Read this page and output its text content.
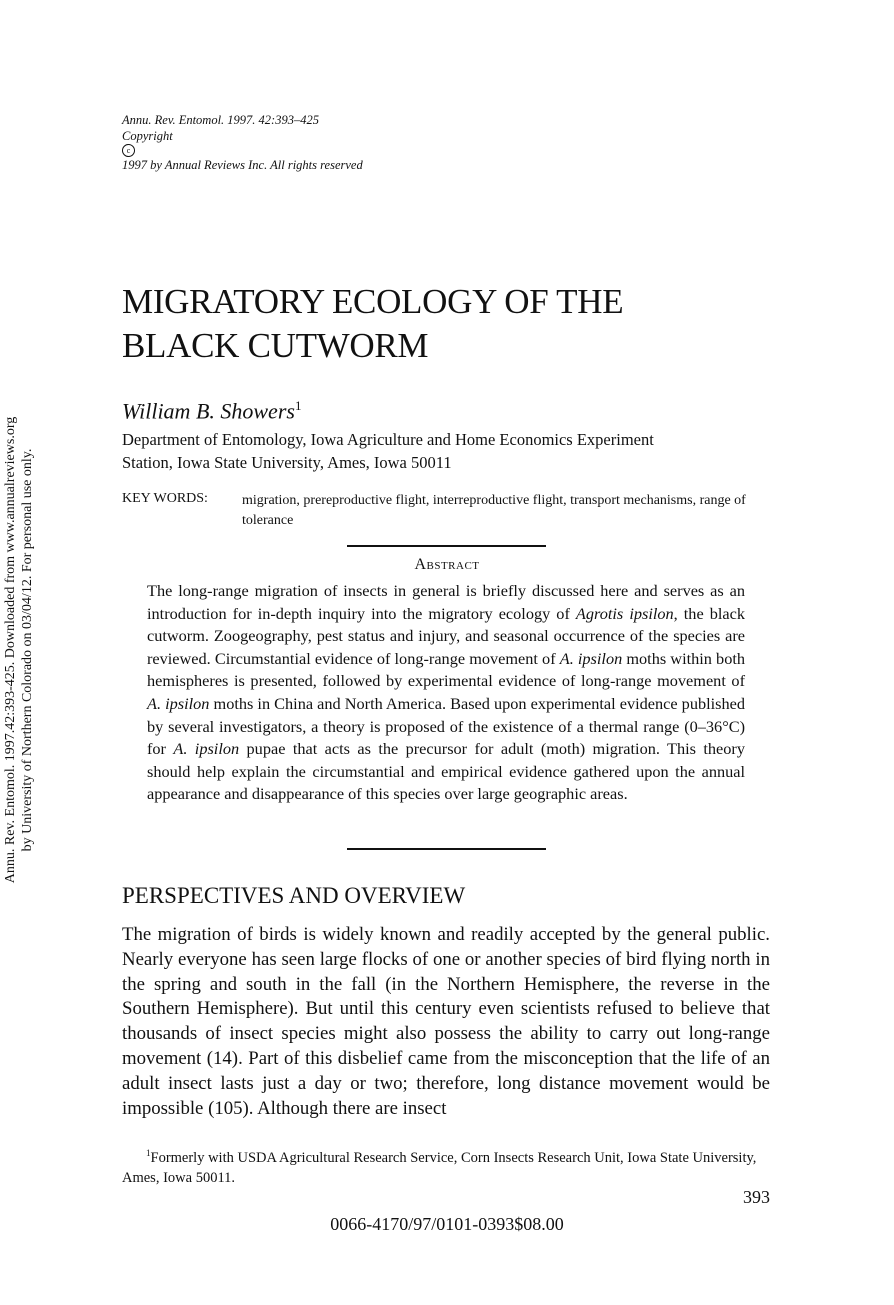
Annu. Rev. Entomol. 1997. 42:393–425
Copyright
c
1997 by Annual Reviews Inc. All rights reserved
MIGRATORY ECOLOGY OF THE
BLACK CUTWORM
William B. Showers$^1$
Department of Entomology, Iowa Agriculture and Home Economics Experiment
Station, Iowa State University, Ames, Iowa 50011
KEY WORDS: migration, prereproductive flight, interreproductive flight, transport mechanisms, range of tolerance
Abstract

The long-range migration of insects in general is briefly discussed here and serves as an introduction for in-depth inquiry into the migratory ecology of Agrotis ipsilon, the black cutworm. Zoogeography, pest status and injury, and seasonal occurrence of the species are reviewed. Circumstantial evidence of long-range movement of A. ipsilon moths within both hemispheres is presented, followed by experimental evidence of long-range movement of A. ipsilon moths in China and North America. Based upon experimental evidence published by several investigators, a theory is proposed of the existence of a thermal range (0–36°C) for A. ipsilon pupae that acts as the precursor for adult (moth) migration. This theory should help explain the circumstantial and empirical evidence gathered upon the annual appearance and disappearance of this species over large geographic areas.

PERSPECTIVES AND OVERVIEW

The migration of birds is widely known and readily accepted by the general public. Nearly everyone has seen large flocks of one or another species of bird flying north in the spring and south in the fall (in the Northern Hemisphere, the reverse in the Southern Hemisphere). But until this century even scientists refused to believe that thousands of insect species might also possess the ability to carry out long-range movement (14). Part of this disbelief came from the misconception that the life of an adult insect lasts just a day or two; therefore, long distance movement would be impossible (105). Although there are insect

$^1$Formerly with USDA Agricultural Research Service, Corn Insects Research Unit, Iowa State University, Ames, Iowa 50011.

393
0066-4170/97/0101-0393$08.00
Annu. Rev. Entomol. 1997.42:393-425. Downloaded from www.annualreviews.org by University of Northern Colorado on 03/04/12. For personal use only.
